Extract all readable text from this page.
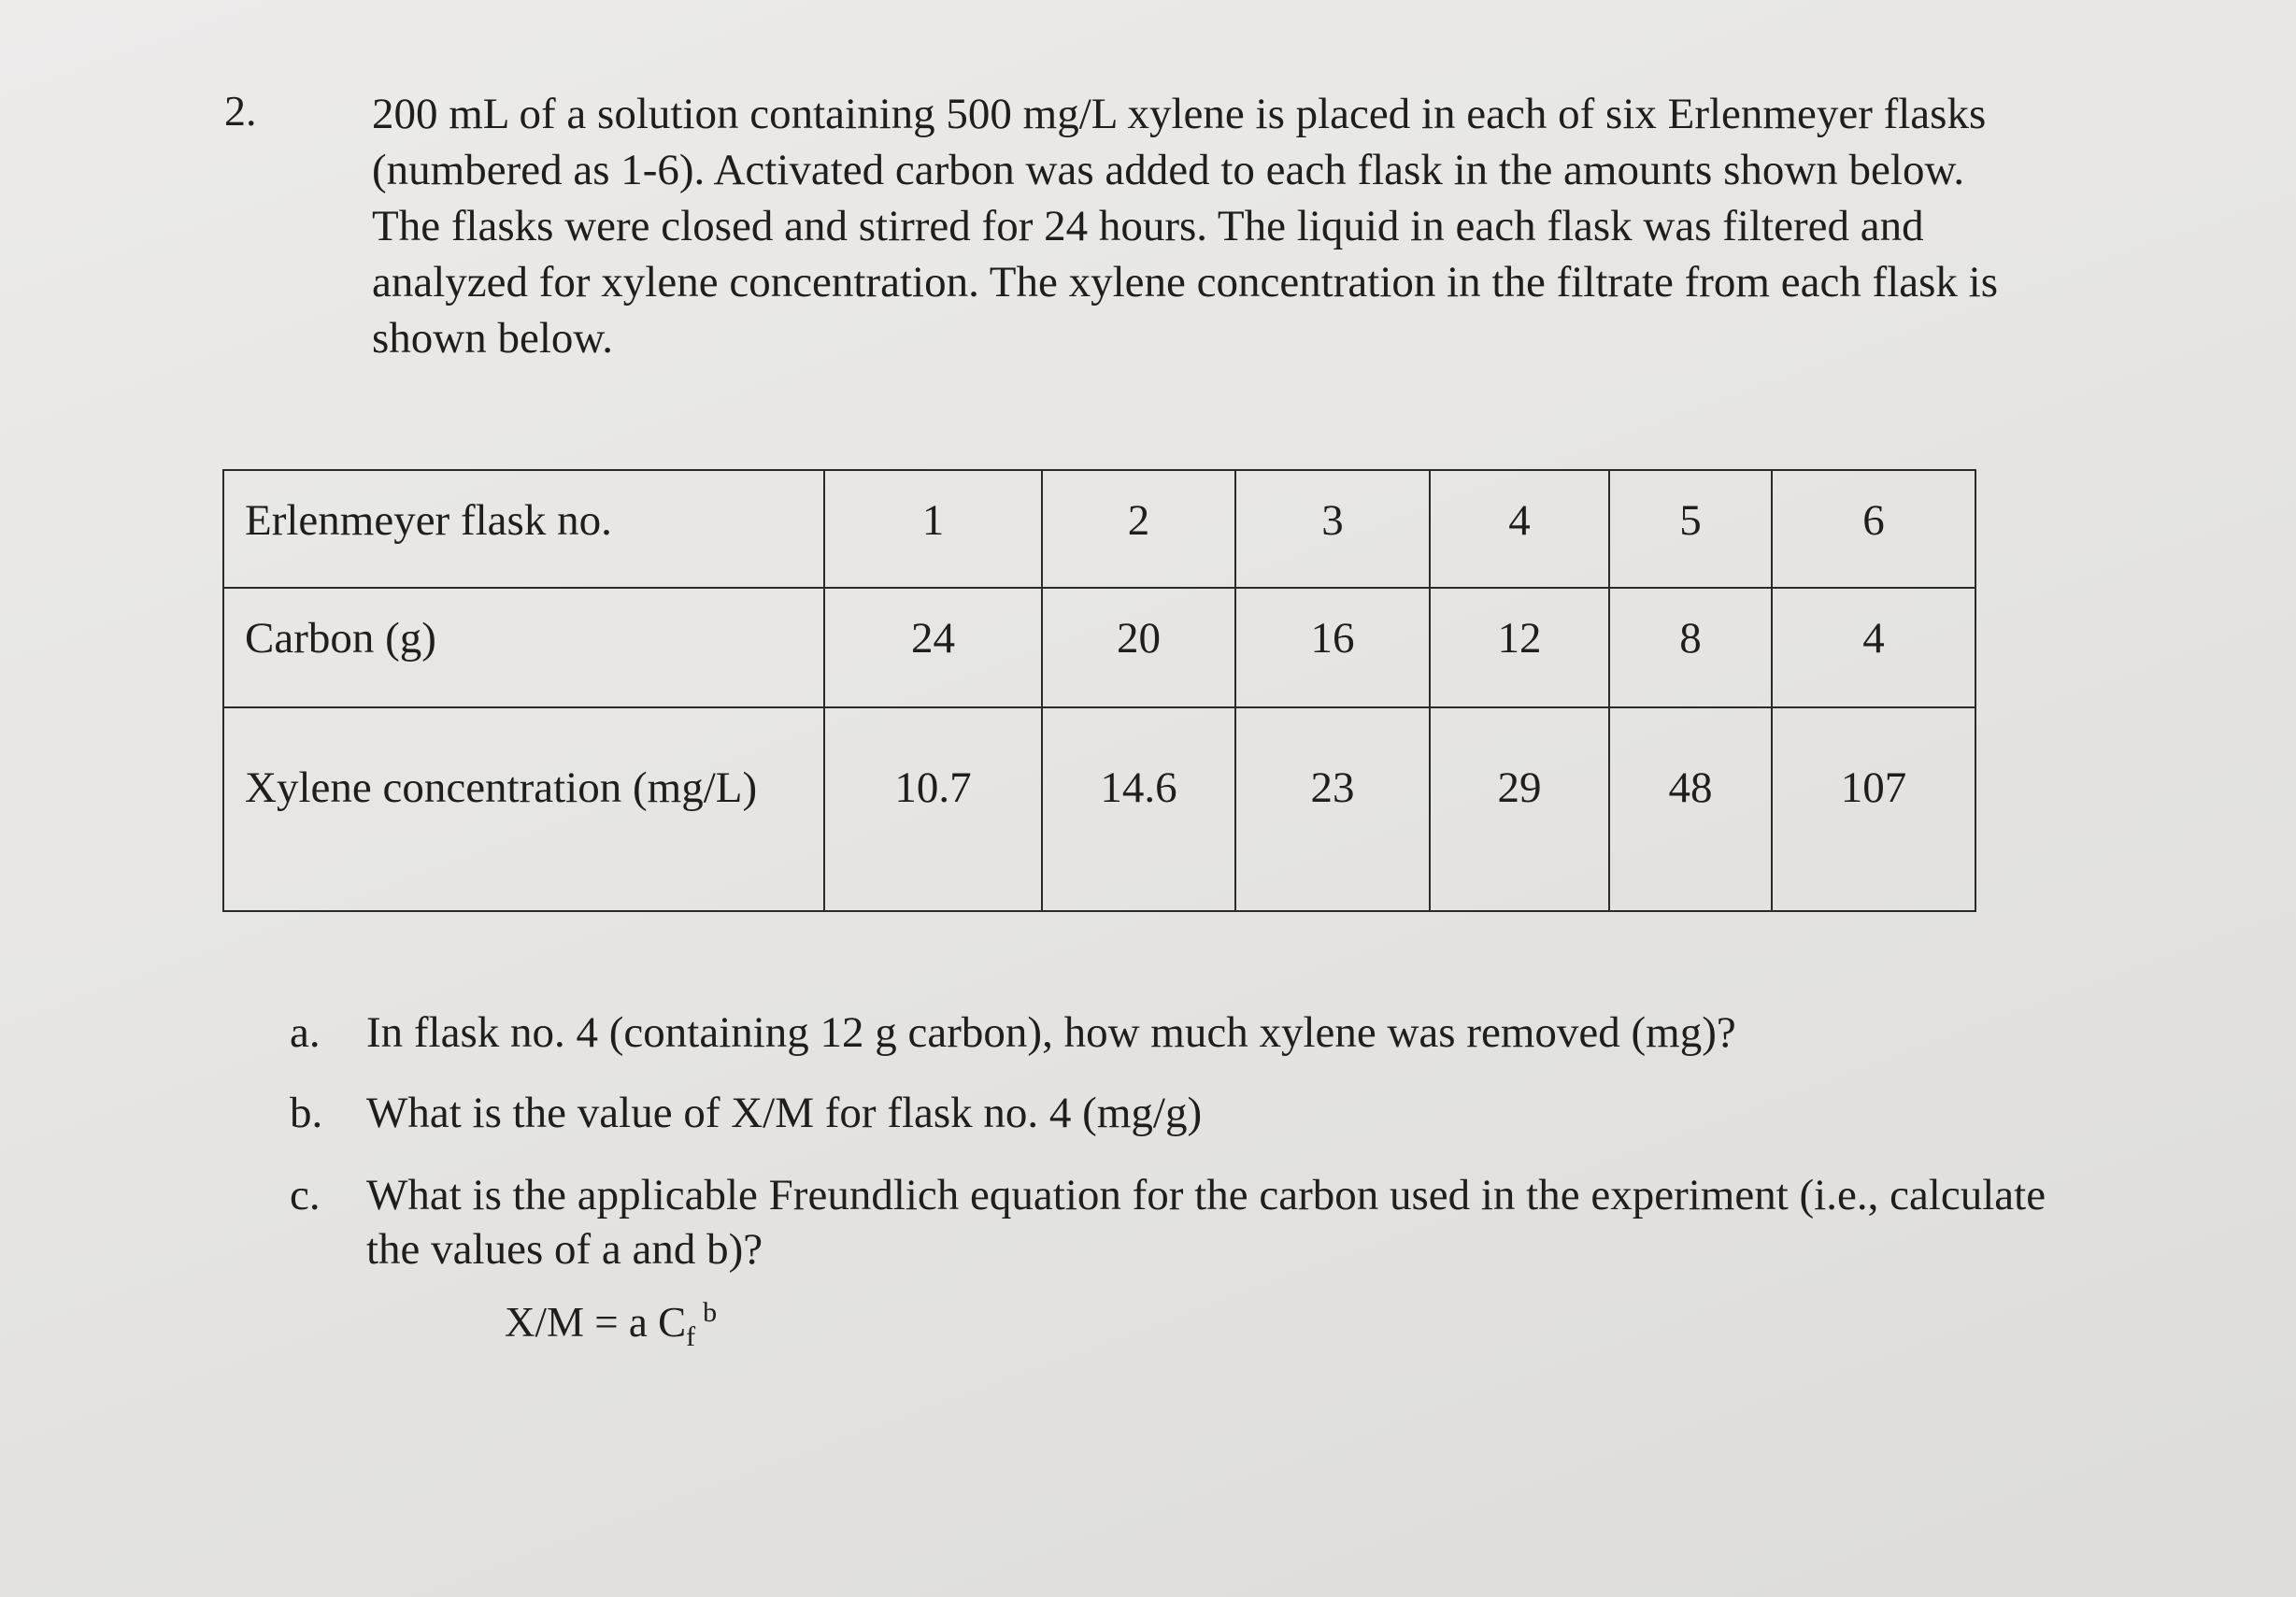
2.	200 mL of a solution containing 500 mg/L xylene is placed in each of six Erlenmeyer flasks (numbered as 1-6). Activated carbon was added to each flask in the amounts shown below. The flasks were closed and stirred for 24 hours. The liquid in each flask was filtered and analyzed for xylene concentration. The xylene concentration in the filtrate from each flask is shown below.
Erlenmeyer flask no.	1	2	3	4	5	6
Carbon (g)	24	20	16	12	8	4
Xylene concentration (mg/L)	10.7	14.6	23	29	48	107
a. In flask no. 4 (containing 12 g carbon), how much xylene was removed (mg)?
b. What is the value of X/M for flask no. 4 (mg/g)
c. What is the applicable Freundlich equation for the carbon used in the experiment (i.e., calculate the values of a and b)?
X/M = a $C_f^b$
